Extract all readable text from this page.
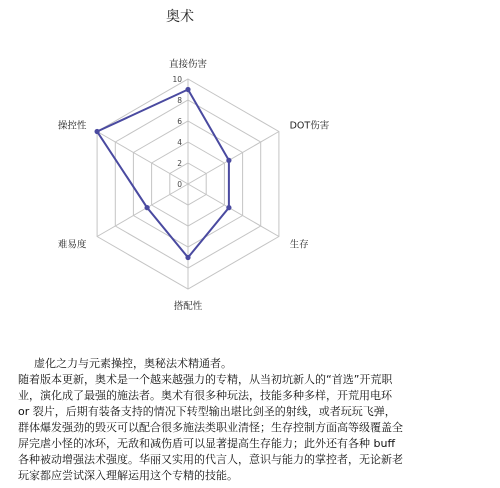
奥术
0
2
4
6
8
10
直接伤害
DOT伤害
生存
搭配性
难易度
操控性

虚化之力与元素操控，奥秘法术精通者。

随着版本更新，奥术是一个越来越强力的专精，从当初坑新人的“首选”开荒职

业，演化成了最强的施法者。奥术有很多种玩法，技能多种多样，开荒用电环

or 裂片，后期有装备支持的情况下转型输出堪比剑圣的射线，或者玩玩飞弹，

群体爆发强劲的毁灭可以配合很多施法类职业清怪；生存控制方面高等级覆盖全

屏完虐小怪的冰环，无敌和减伤盾可以显著提高生存能力；此外还有各种 buff

各种被动增强法术强度。华丽又实用的代言人，意识与能力的掌控者，无论新老

玩家都应尝试深入理解运用这个专精的技能。
